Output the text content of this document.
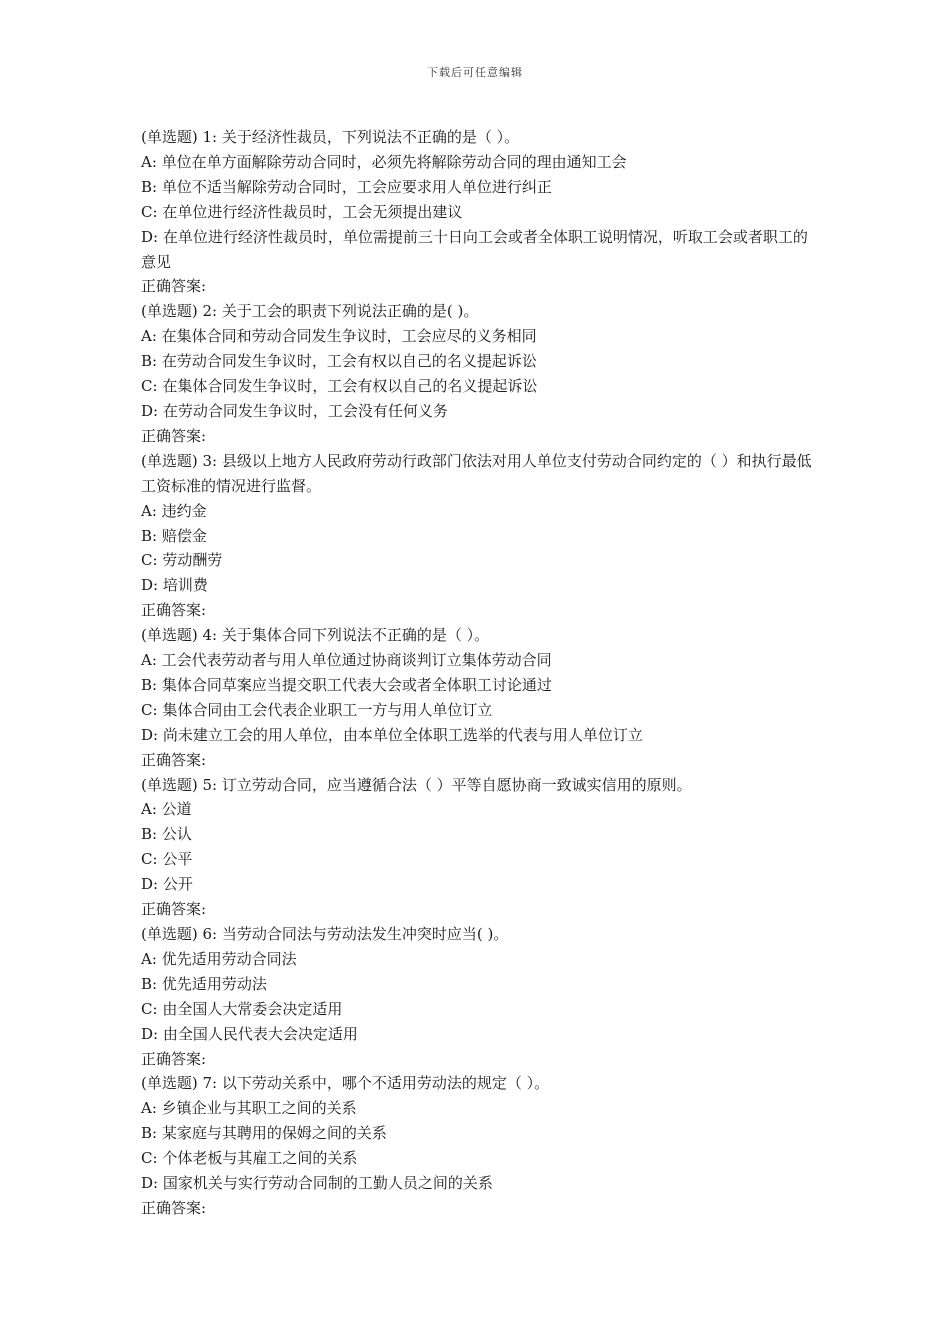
下载后可任意编辑
(单选题) 1: 关于经济性裁员，下列说法不正确的是（ ）。
A: 单位在单方面解除劳动合同时，必须先将解除劳动合同的理由通知工会
B: 单位不适当解除劳动合同时，工会应要求用人单位进行纠正
C: 在单位进行经济性裁员时，工会无须提出建议
D: 在单位进行经济性裁员时，单位需提前三十日向工会或者全体职工说明情况，听取工会或者职工的意见
正确答案:
(单选题) 2: 关于工会的职责下列说法正确的是( )。
A: 在集体合同和劳动合同发生争议时，工会应尽的义务相同
B: 在劳动合同发生争议时，工会有权以自己的名义提起诉讼
C: 在集体合同发生争议时，工会有权以自己的名义提起诉讼
D: 在劳动合同发生争议时，工会没有任何义务
正确答案:
(单选题) 3: 县级以上地方人民政府劳动行政部门依法对用人单位支付劳动合同约定的（ ）和执行最低工资标准的情况进行监督。
A: 违约金
B: 赔偿金
C: 劳动酬劳
D: 培训费
正确答案:
(单选题) 4: 关于集体合同下列说法不正确的是（ ）。
A: 工会代表劳动者与用人单位通过协商谈判订立集体劳动合同
B: 集体合同草案应当提交职工代表大会或者全体职工讨论通过
C: 集体合同由工会代表企业职工一方与用人单位订立
D: 尚未建立工会的用人单位，由本单位全体职工选举的代表与用人单位订立
正确答案:
(单选题) 5: 订立劳动合同，应当遵循合法（ ）平等自愿协商一致诚实信用的原则。
A: 公道
B: 公认
C: 公平
D: 公开
正确答案:
(单选题) 6: 当劳动合同法与劳动法发生冲突时应当( )。
A: 优先适用劳动合同法
B: 优先适用劳动法
C: 由全国人大常委会决定适用
D: 由全国人民代表大会决定适用
正确答案:
(单选题) 7: 以下劳动关系中，哪个不适用劳动法的规定（ ）。
A: 乡镇企业与其职工之间的关系
B: 某家庭与其聘用的保姆之间的关系
C: 个体老板与其雇工之间的关系
D: 国家机关与实行劳动合同制的工勤人员之间的关系
正确答案:
